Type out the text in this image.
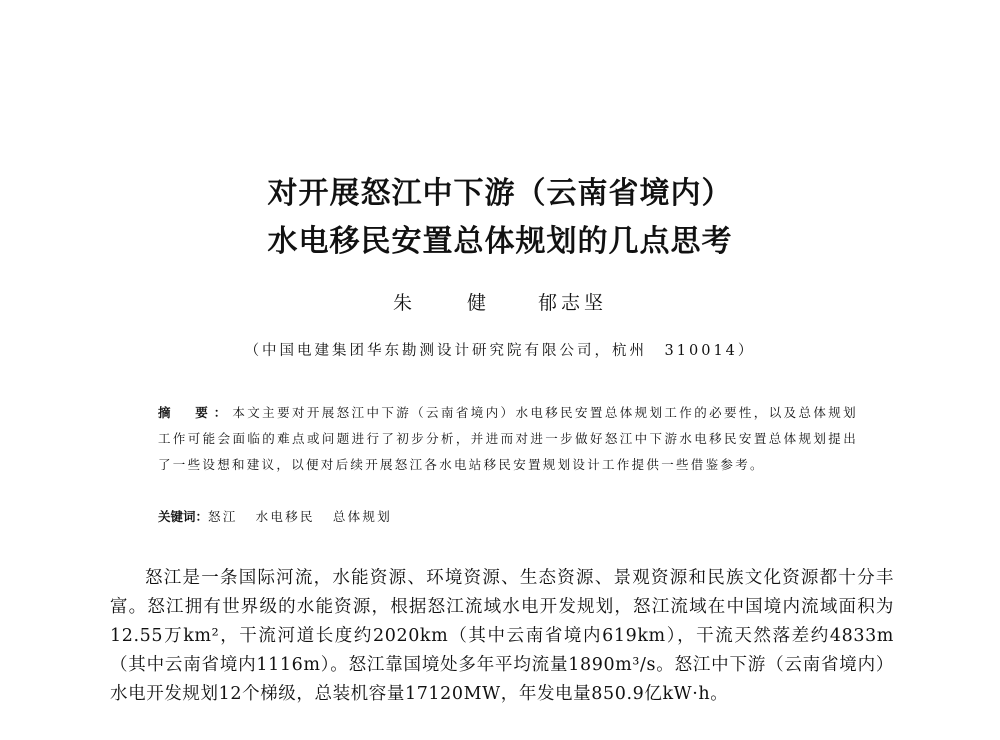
对开展怒江中下游（云南省境内）
水电移民安置总体规划的几点思考
朱　健 郁志坚
（中国电建集团华东勘测设计研究院有限公司，杭州　310014）

摘　要：本文主要对开展怒江中下游（云南省境内）水电移民安置总体规划工作的必要性，以及总体规划工作可能会面临的难点或问题进行了初步分析，并进而对进一步做好怒江中下游水电移民安置总体规划提出了一些设想和建议，以便对后续开展怒江各水电站移民安置规划设计工作提供一些借鉴参考。

关键词：怒江 水电移民 总体规划

怒江是一条国际河流，水能资源、环境资源、生态资源、景观资源和民族文化资源都十分丰富。怒江拥有世界级的水能资源，根据怒江流域水电开发规划，怒江流域在中国境内流域面积为12.55万km²，干流河道长度约2020km（其中云南省境内619km），干流天然落差约4833m（其中云南省境内1116m）。怒江靠国境处多年平均流量1890m³/s。怒江中下游（云南省境内）水电开发规划12个梯级，总装机容量17120MW，年发电量850.9亿kW·h。
